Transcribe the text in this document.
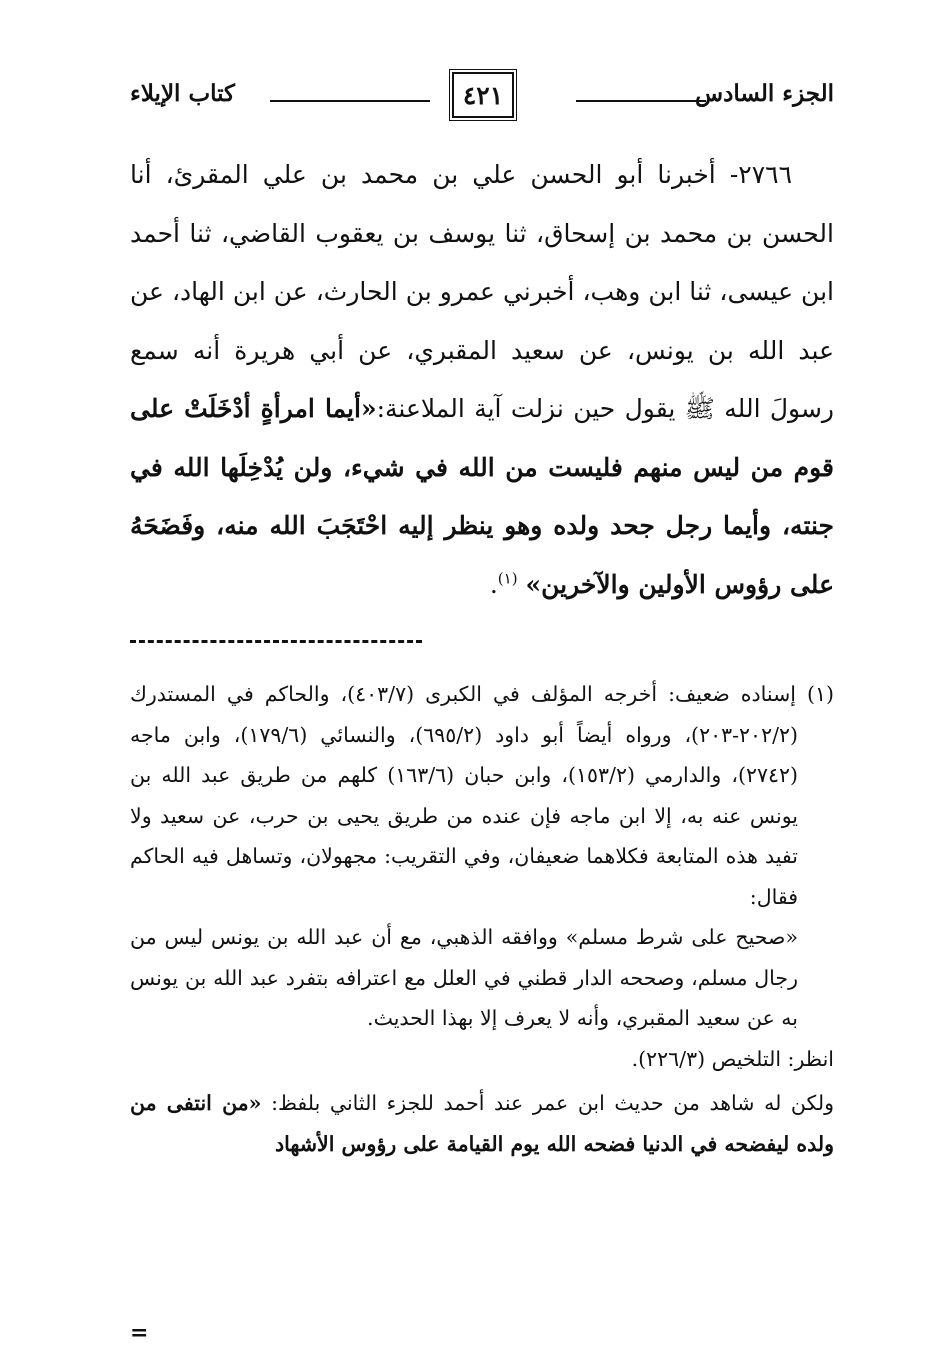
الجزء السادس
٤٢١
كتاب الإيلاء

٢٧٦٦- أخبرنا أبو الحسن علي بن محمد بن علي المقرئ، أنا الحسن بن محمد بن إسحاق، ثنا يوسف بن يعقوب القاضي، ثنا أحمد ابن عيسى، ثنا ابن وهب، أخبرني عمرو بن الحارث، عن ابن الهاد، عن عبد الله بن يونس، عن سعيد المقبري، عن أبي هريرة أنه سمع رسولَ الله ﷺ يقول حين نزلت آية الملاعنة:«أيما امرأةٍ أدْخَلَتْ على قوم من ليس منهم فليست من الله في شيء، ولن يُدْخِلَها الله في جنته، وأيما رجل جحد ولده وهو ينظر إليه احْتَجَبَ الله منه، وفَضَحَهُ على رؤوس الأولين والآخرين» $^{(١)}$.

(١) إسناده ضعيف: أخرجه المؤلف في الكبرى (٤٠٣/٧)، والحاكم في المستدرك (٢٠٢/٢-٢٠٣)، ورواه أيضاً أبو داود (٦٩٥/٢)، والنسائي (١٧٩/٦)، وابن ماجه (٢٧٤٢)، والدارمي (١٥٣/٢)، وابن حبان (١٦٣/٦) كلهم من طريق عبد الله بن يونس عنه به، إلا ابن ماجه فإن عنده من طريق يحيى بن حرب، عن سعيد ولا تفيد هذه المتابعة فكلاهما ضعيفان، وفي التقريب: مجهولان، وتساهل فيه الحاكم فقال:

«صحيح على شرط مسلم» ووافقه الذهبي، مع أن عبد الله بن يونس ليس من رجال مسلم، وصححه الدار قطني في العلل مع اعترافه بتفرد عبد الله بن يونس به عن سعيد المقبري، وأنه لا يعرف إلا بهذا الحديث.

انظر: التلخيص (٢٢٦/٣).

ولكن له شاهد من حديث ابن عمر عند أحمد للجزء الثاني بلفظ: «من انتفى من ولده ليفضحه في الدنيا فضحه الله يوم القيامة على رؤوس الأشهاد

=
